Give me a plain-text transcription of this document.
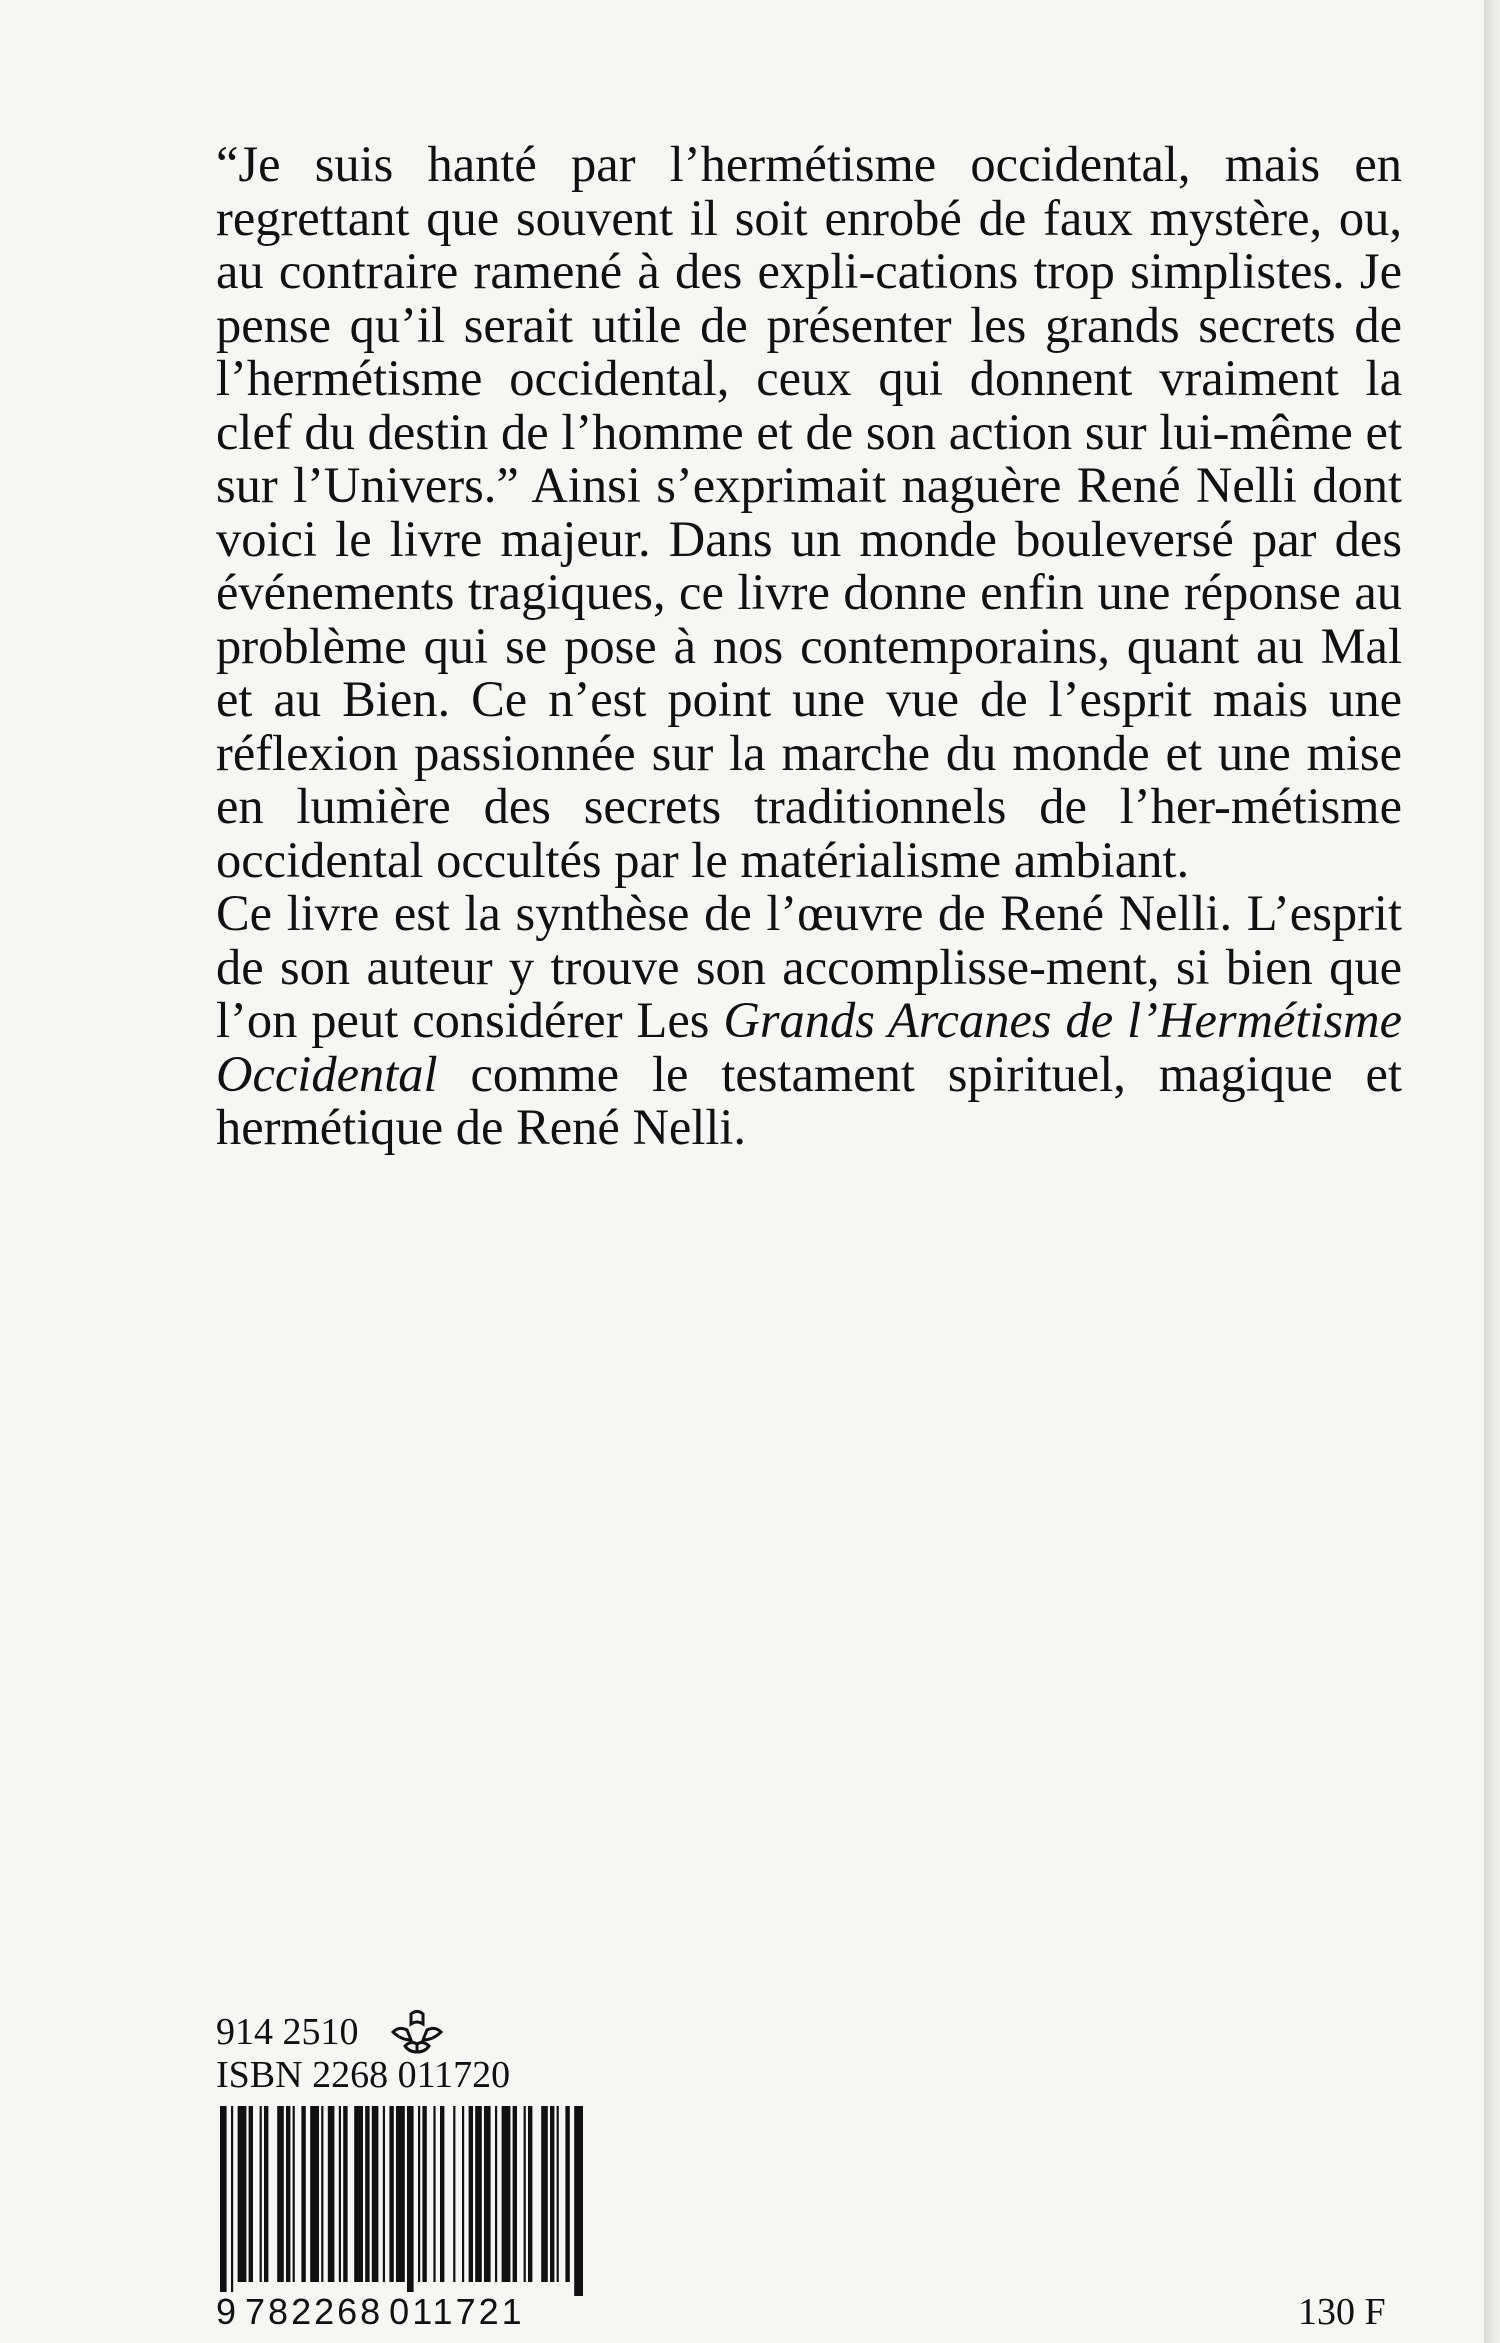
“Je suis hanté par l’hermétisme occidental, mais en regrettant que souvent il soit enrobé de faux mystère, ou, au contraire ramené à des expli-cations trop simplistes. Je pense qu’il serait utile de présenter les grands secrets de l’hermétisme occidental, ceux qui donnent vraiment la clef du destin de l’homme et de son action sur lui-même et sur l’Univers.” Ainsi s’exprimait naguère René Nelli dont voici le livre majeur. Dans un monde bouleversé par des événements tragiques, ce livre donne enfin une réponse au problème qui se pose à nos contemporains, quant au Mal et au Bien. Ce n’est point une vue de l’esprit mais une réflexion passionnée sur la marche du monde et une mise en lumière des secrets traditionnels de l’her-métisme occidental occultés par le matérialisme ambiant.

Ce livre est la synthèse de l’œuvre de René Nelli. L’esprit de son auteur y trouve son accomplisse-ment, si bien que l’on peut considérer Les Grands Arcanes de l’Hermétisme Occidental comme le testament spirituel, magique et hermétique de René Nelli.

914 2510
ISBN 2268 011720
9 782268 011721	130 F
